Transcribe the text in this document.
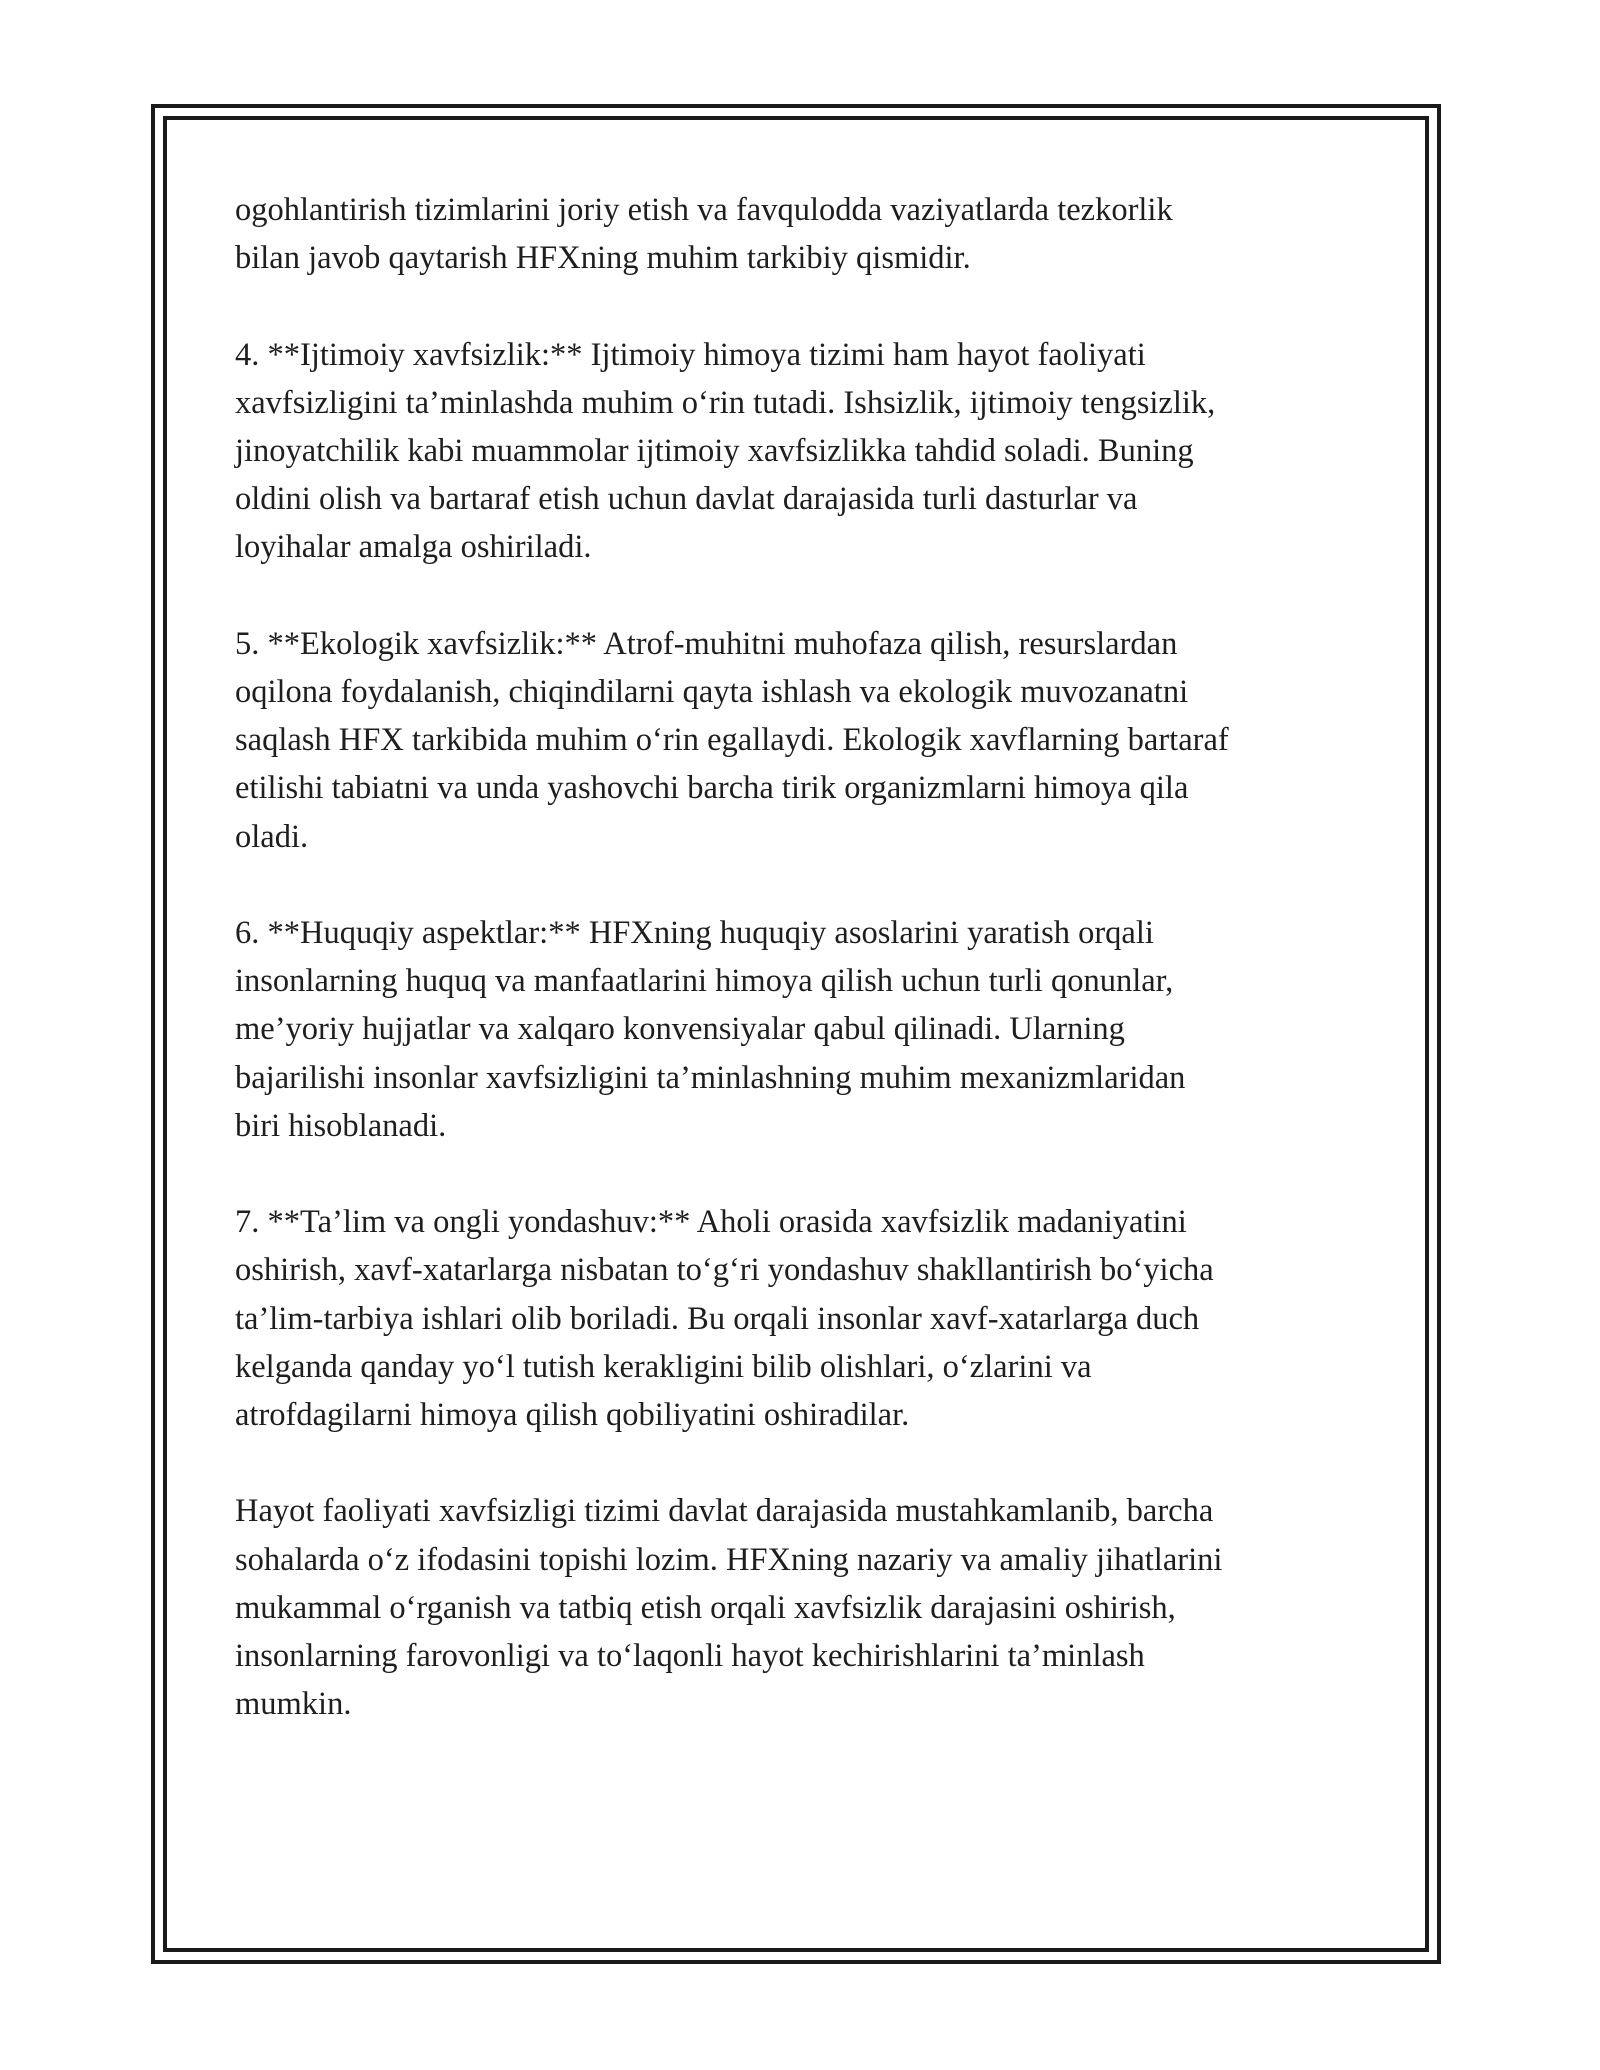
ogohlantirish tizimlarini joriy etish va favqulodda vaziyatlarda tezkorlik
bilan javob qaytarish HFXning muhim tarkibiy qismidir.

4. **Ijtimoiy xavfsizlik:** Ijtimoiy himoya tizimi ham hayot faoliyati
xavfsizligini ta’minlashda muhim o‘rin tutadi. Ishsizlik, ijtimoiy tengsizlik,
jinoyatchilik kabi muammolar ijtimoiy xavfsizlikka tahdid soladi. Buning
oldini olish va bartaraf etish uchun davlat darajasida turli dasturlar va
loyihalar amalga oshiriladi.

5. **Ekologik xavfsizlik:** Atrof-muhitni muhofaza qilish, resurslardan
oqilona foydalanish, chiqindilarni qayta ishlash va ekologik muvozanatni
saqlash HFX tarkibida muhim o‘rin egallaydi. Ekologik xavflarning bartaraf
etilishi tabiatni va unda yashovchi barcha tirik organizmlarni himoya qila
oladi.

6. **Huquqiy aspektlar:** HFXning huquqiy asoslarini yaratish orqali
insonlarning huquq va manfaatlarini himoya qilish uchun turli qonunlar,
me’yoriy hujjatlar va xalqaro konvensiyalar qabul qilinadi. Ularning
bajarilishi insonlar xavfsizligini ta’minlashning muhim mexanizmlaridan
biri hisoblanadi.

7. **Ta’lim va ongli yondashuv:** Aholi orasida xavfsizlik madaniyatini
oshirish, xavf-xatarlarga nisbatan to‘g‘ri yondashuv shakllantirish bo‘yicha
ta’lim-tarbiya ishlari olib boriladi. Bu orqali insonlar xavf-xatarlarga duch
kelganda qanday yo‘l tutish kerakligini bilib olishlari, o‘zlarini va
atrofdagilarni himoya qilish qobiliyatini oshiradilar.

Hayot faoliyati xavfsizligi tizimi davlat darajasida mustahkamlanib, barcha
sohalarda o‘z ifodasini topishi lozim. HFXning nazariy va amaliy jihatlarini
mukammal o‘rganish va tatbiq etish orqali xavfsizlik darajasini oshirish,
insonlarning farovonligi va to‘laqonli hayot kechirishlarini ta’minlash
mumkin.
